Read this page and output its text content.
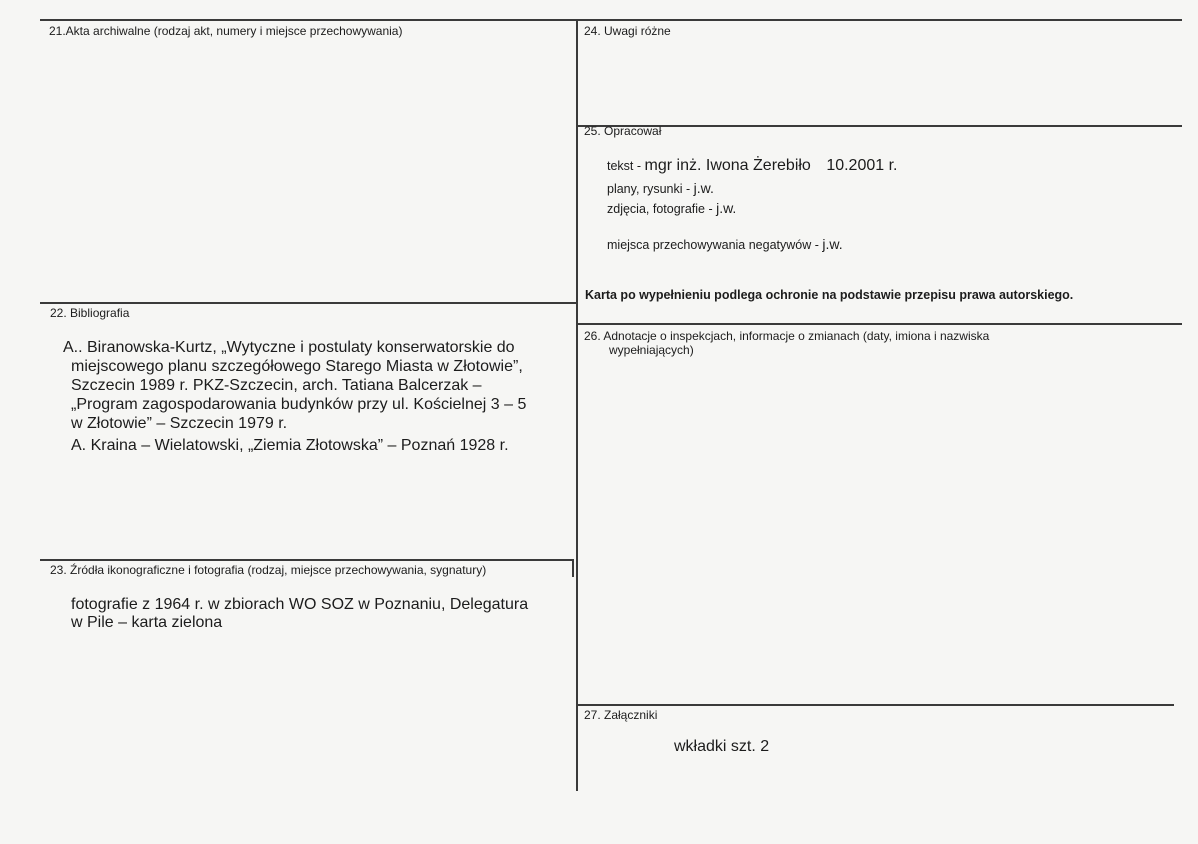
21.Akta archiwalne (rodzaj akt, numery i miejsce przechowywania)
22. Bibliografia
A.. Biranowska-Kurtz, „Wytyczne i postulaty konserwatorskie do
miejscowego planu szczegółowego Starego Miasta w Złotowie”,
Szczecin 1989 r. PKZ-Szczecin, arch. Tatiana Balcerzak –
„Program zagospodarowania budynków przy ul. Kościelnej 3 – 5
w Złotowie” – Szczecin 1979 r.
A. Kraina – Wielatowski, „Ziemia Złotowska” – Poznań 1928 r.
23. Źródła ikonograficzne i fotografia (rodzaj, miejsce przechowywania, sygnatury)
fotografie z 1964 r. w zbiorach WO SOZ w Poznaniu, Delegatura
w Pile – karta zielona
24. Uwagi różne
25. Opracował
tekst - mgr inż. Iwona Żerebiło 10.2001 r.
plany, rysunki - j.w.
zdjęcia, fotografie - j.w.
miejsca przechowywania negatywów - j.w.
Karta po wypełnieniu podlega ochronie na podstawie przepisu prawa autorskiego.
26. Adnotacje o inspekcjach, informacje o zmianach (daty, imiona i nazwiska
wypełniających)
27. Załączniki
wkładki szt. 2
